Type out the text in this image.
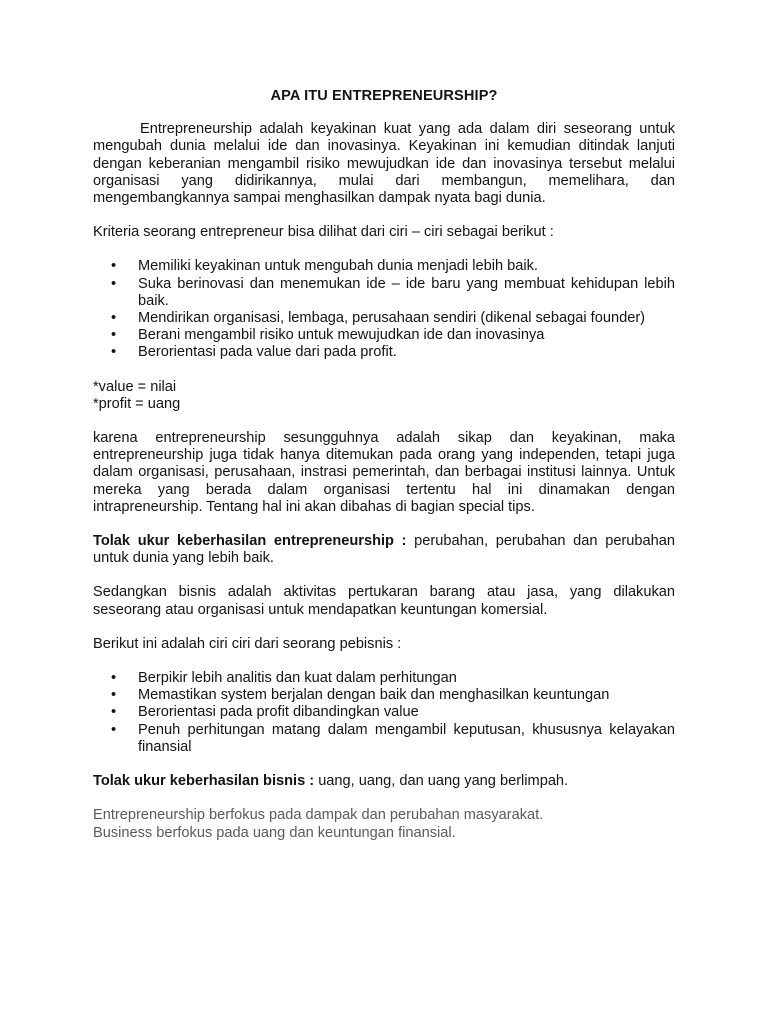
APA ITU ENTREPRENEURSHIP?

Entrepreneurship adalah keyakinan kuat yang ada dalam diri seseorang untuk mengubah dunia melalui ide dan inovasinya. Keyakinan ini kemudian ditindak lanjuti dengan keberanian mengambil risiko mewujudkan ide dan inovasinya tersebut melalui organisasi yang didirikannya, mulai dari membangun, memelihara, dan mengembangkannya sampai menghasilkan dampak nyata bagi dunia.

Kriteria seorang entrepreneur bisa dilihat dari ciri – ciri sebagai berikut :

• Memiliki keyakinan untuk mengubah dunia menjadi lebih baik.
• Suka berinovasi dan menemukan ide – ide baru yang membuat kehidupan lebih baik.
• Mendirikan organisasi, lembaga, perusahaan sendiri (dikenal sebagai founder)
• Berani mengambil risiko untuk mewujudkan ide dan inovasinya
• Berorientasi pada value dari pada profit.

*value = nilai

*profit = uang

karena entrepreneurship sesungguhnya adalah sikap dan keyakinan, maka entrepreneurship juga tidak hanya ditemukan pada orang yang independen, tetapi juga dalam organisasi, perusahaan, instrasi pemerintah, dan berbagai institusi lainnya. Untuk mereka yang berada dalam organisasi tertentu hal ini dinamakan dengan intrapreneurship. Tentang hal ini akan dibahas di bagian special tips.

Tolak ukur keberhasilan entrepreneurship : perubahan, perubahan dan perubahan untuk dunia yang lebih baik.

Sedangkan bisnis adalah aktivitas pertukaran barang atau jasa, yang dilakukan seseorang atau organisasi untuk mendapatkan keuntungan komersial.

Berikut ini adalah ciri ciri dari seorang pebisnis :

• Berpikir lebih analitis dan kuat dalam perhitungan
• Memastikan system berjalan dengan baik dan menghasilkan keuntungan
• Berorientasi pada profit dibandingkan value
• Penuh perhitungan matang dalam mengambil keputusan, khususnya kelayakan finansial

Tolak ukur keberhasilan bisnis : uang, uang, dan uang yang berlimpah.

Entrepreneurship berfokus pada dampak dan perubahan masyarakat.

Business berfokus pada uang dan keuntungan finansial.
